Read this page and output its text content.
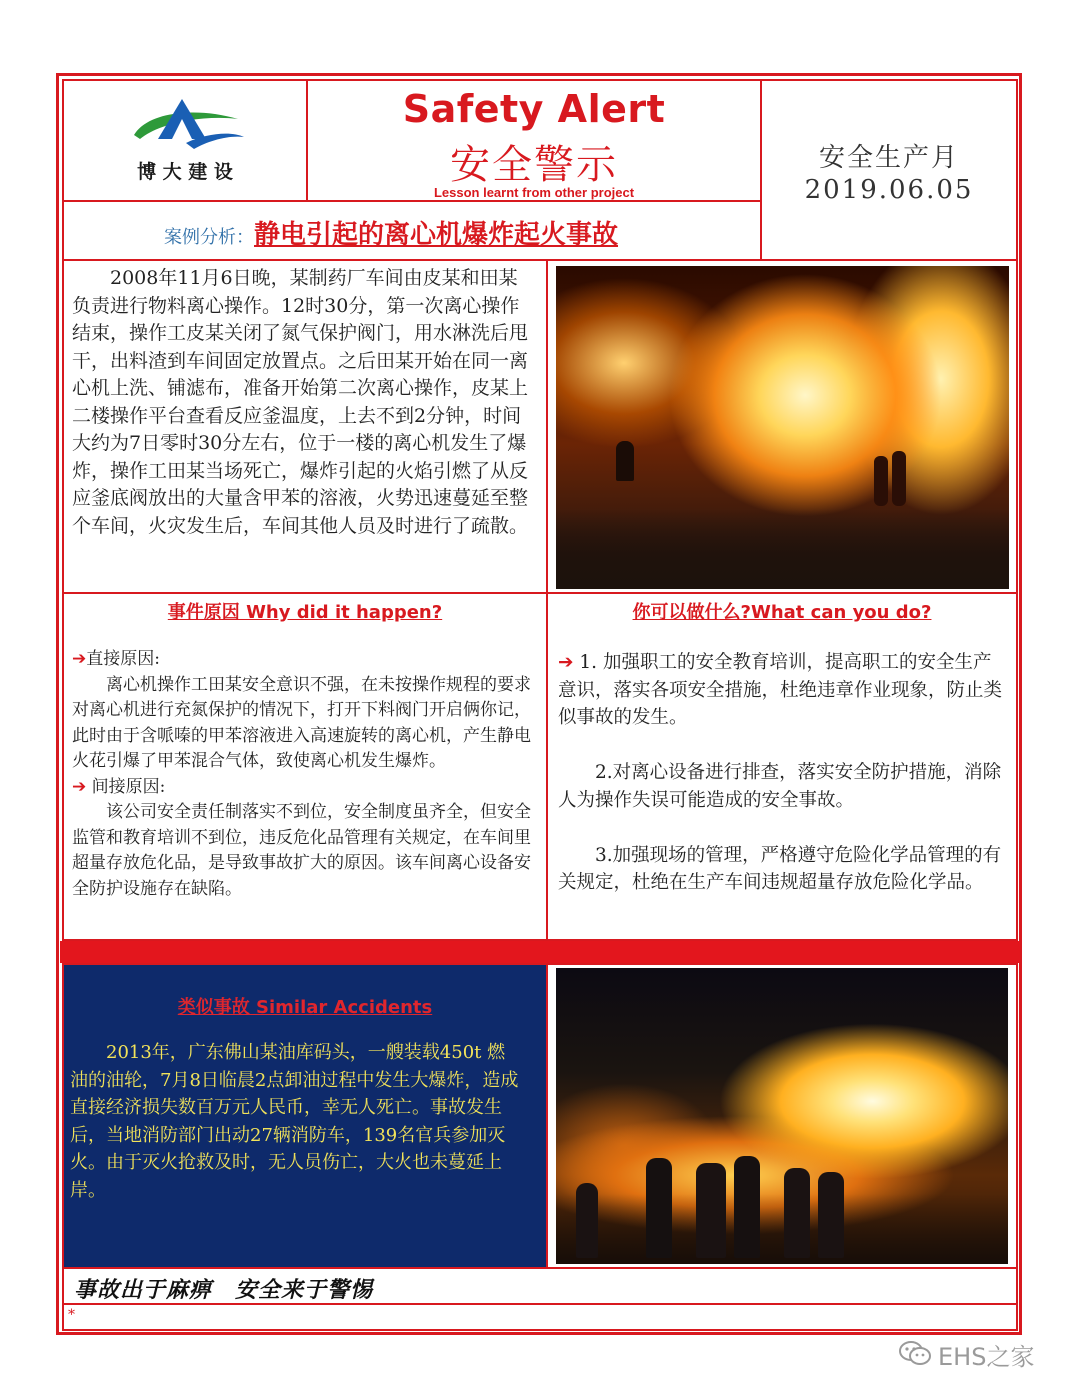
博 大 建 设
Safety Alert
安全警示
Lesson learnt from other project
安全生产月
2019.06.05
案例分析：静电引起的离心机爆炸起火事故
2008年11月6日晚，某制药厂车间由皮某和田某负责进行物料离心操作。12时30分，第一次离心操作结束，操作工皮某关闭了氮气保护阀门，用水淋洗后甩干，出料渣到车间固定放置点。之后田某开始在同一离心机上洗、铺滤布，准备开始第二次离心操作，皮某上二楼操作平台查看反应釜温度，上去不到2分钟，时间大约为7日零时30分左右，位于一楼的离心机发生了爆炸，操作工田某当场死亡，爆炸引起的火焰引燃了从反应釜底阀放出的大量含甲苯的溶液，火势迅速蔓延至整个车间，火灾发生后，车间其他人员及时进行了疏散。
事件原因 Why did it happen?

➔直接原因:

离心机操作工田某安全意识不强，在未按操作规程的要求对离心机进行充氮保护的情况下，打开下料阀门开启俩你记，此时由于含哌嗪的甲苯溶液进入高速旋转的离心机，产生静电火花引爆了甲苯混合气体，致使离心机发生爆炸。

➔ 间接原因:

该公司安全责任制落实不到位，安全制度虽齐全，但安全监管和教育培训不到位，违反危化品管理有关规定，在车间里超量存放危化品，是导致事故扩大的原因。该车间离心设备安全防护设施存在缺陷。

你可以做什么?What can you do?

➔ 1. 加强职工的安全教育培训，提高职工的安全生产意识，落实各项安全措施，杜绝违章作业现象，防止类似事故的发生。

2.对离心设备进行排查，落实安全防护措施，消除人为操作失误可能造成的安全事故。

3.加强现场的管理，严格遵守危险化学品管理的有关规定，杜绝在生产车间违规超量存放危险化学品。

类似事故 Similar Accidents
2013年，广东佛山某油库码头，一艘装载450t 燃油的油轮，7月8日临晨2点卸油过程中发生大爆炸，造成直接经济损失数百万元人民币，幸无人死亡。事故发生后，当地消防部门出动27辆消防车，139名官兵参加灭火。由于灭火抢救及时，无人员伤亡，大火也未蔓延上岸。
事故出于麻痹　安全来于警惕
*
EHS之家
